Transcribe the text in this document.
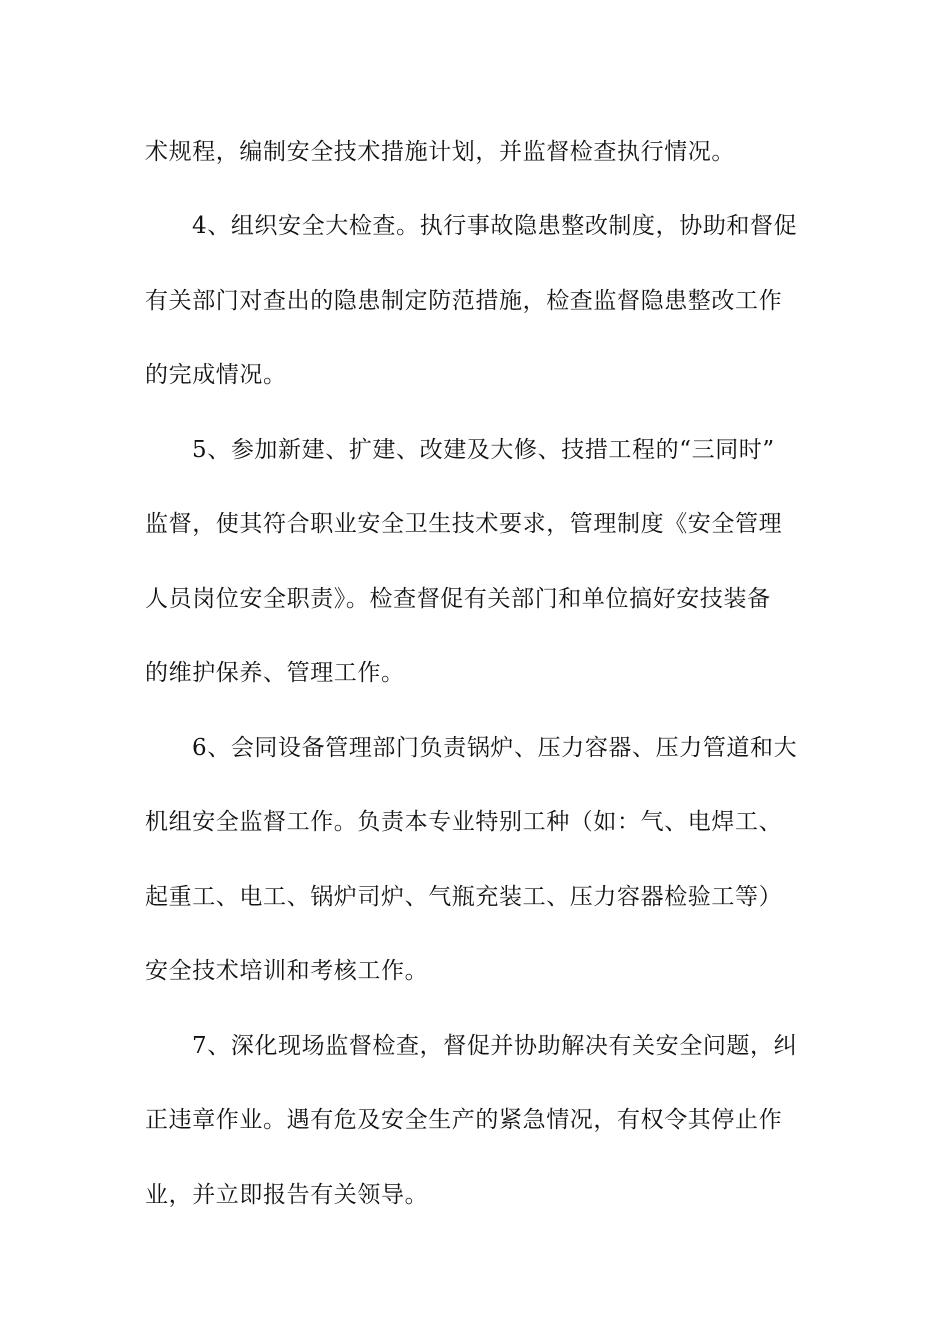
术规程，编制安全技术措施计划，并监督检查执行情况。
4、组织安全大检查。执行事故隐患整改制度，协助和督促
有关部门对查出的隐患制定防范措施，检查监督隐患整改工作
的完成情况。
5、参加新建、扩建、改建及大修、技措工程的“三同时”
监督，使其符合职业安全卫生技术要求，管理制度《安全管理
人员岗位安全职责》。检查督促有关部门和单位搞好安技装备
的维护保养、管理工作。
6、会同设备管理部门负责锅炉、压力容器、压力管道和大
机组安全监督工作。负责本专业特别工种（如：气、电焊工、
起重工、电工、锅炉司炉、气瓶充装工、压力容器检验工等）
安全技术培训和考核工作。
7、深化现场监督检查，督促并协助解决有关安全问题，纠
正违章作业。遇有危及安全生产的紧急情况，有权令其停止作
业，并立即报告有关领导。
